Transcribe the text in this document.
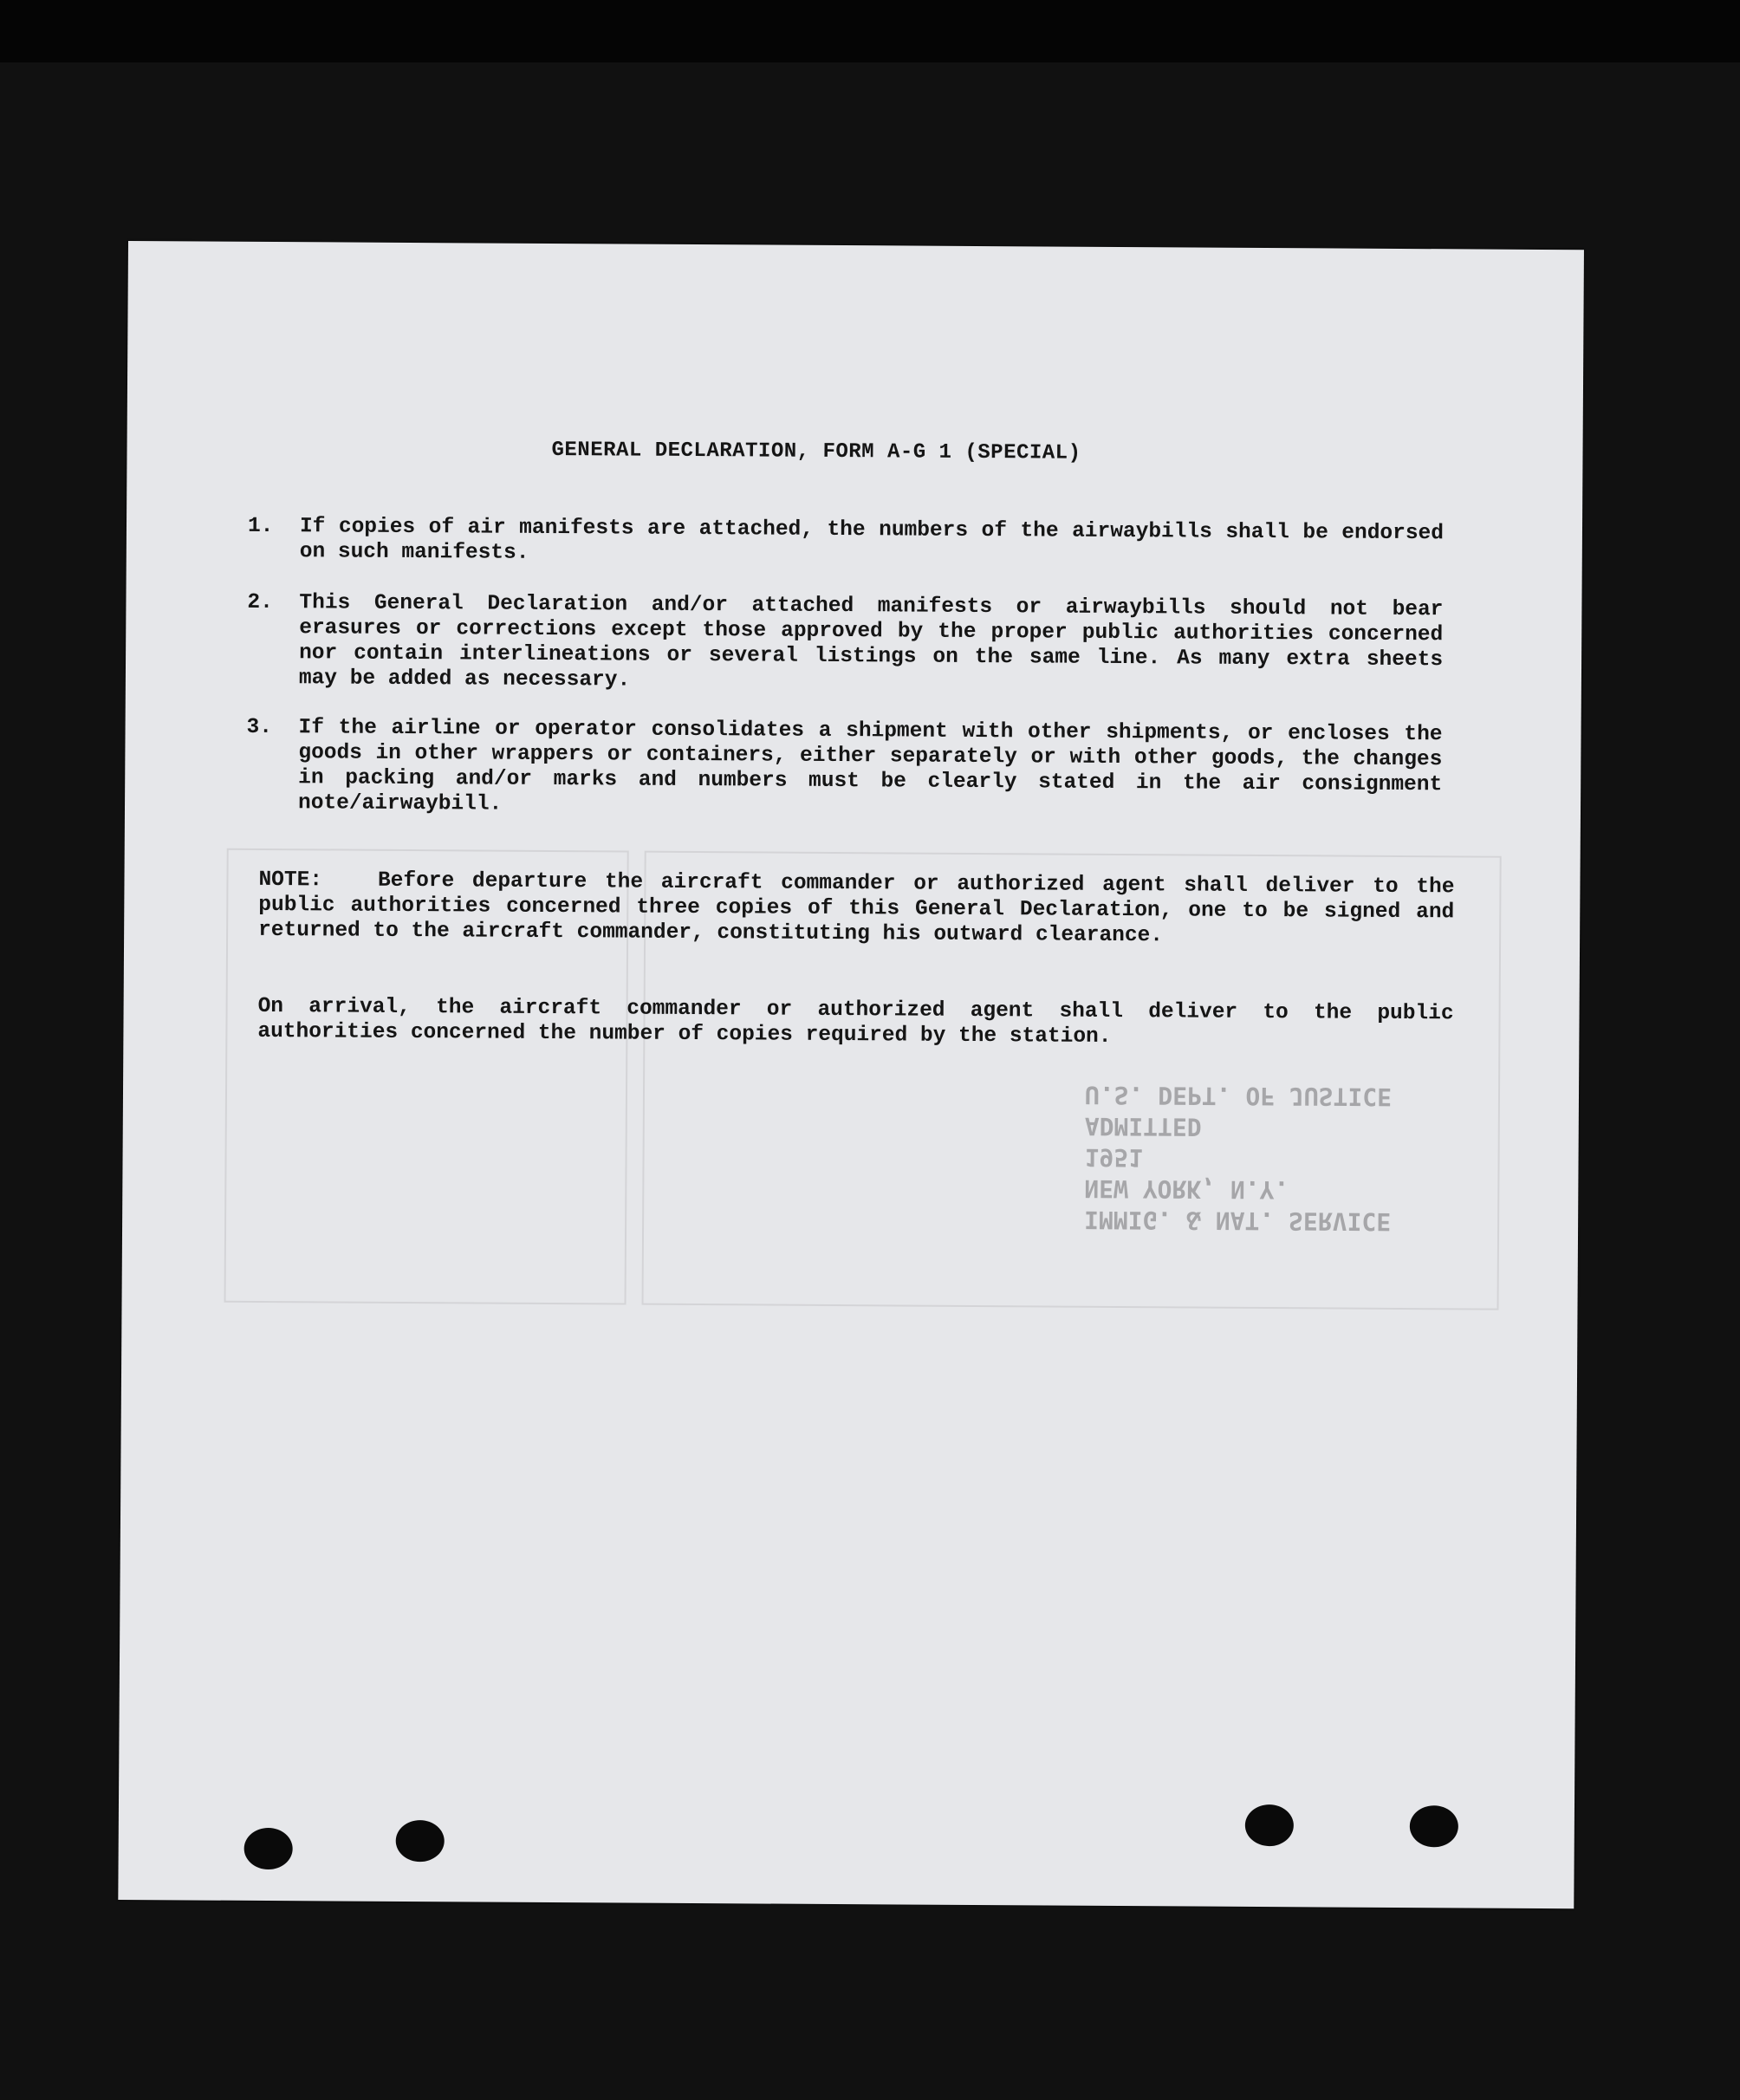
GENERAL DECLARATION, FORM A-G 1 (SPECIAL)
1. If copies of air manifests are attached, the numbers of the airwaybills shall be endorsed on such manifests.
2. This General Declaration and/or attached manifests or airwaybills should not bear erasures or corrections except those approved by the proper public authorities concerned nor contain interlineations or several listings on the same line. As many extra sheets may be added as necessary.
3. If the airline or operator consolidates a shipment with other shipments, or encloses the goods in other wrappers or containers, either separately or with other goods, the changes in packing and/or marks and numbers must be clearly stated in the air consignment note/airwaybill.
NOTE:	Before departure the aircraft commander or authorized agent shall deliver to the public authorities concerned three copies of this General Declaration, one to be signed and returned to the aircraft commander, constituting his outward clearance.
On arrival, the aircraft commander or authorized agent shall deliver to the public authorities concerned the number of copies required by the station.
IMMIG. & NAT. SERVICE
NEW YORK, N.Y.
1951
ADMITTED
U.S. DEPT. OF JUSTICE
